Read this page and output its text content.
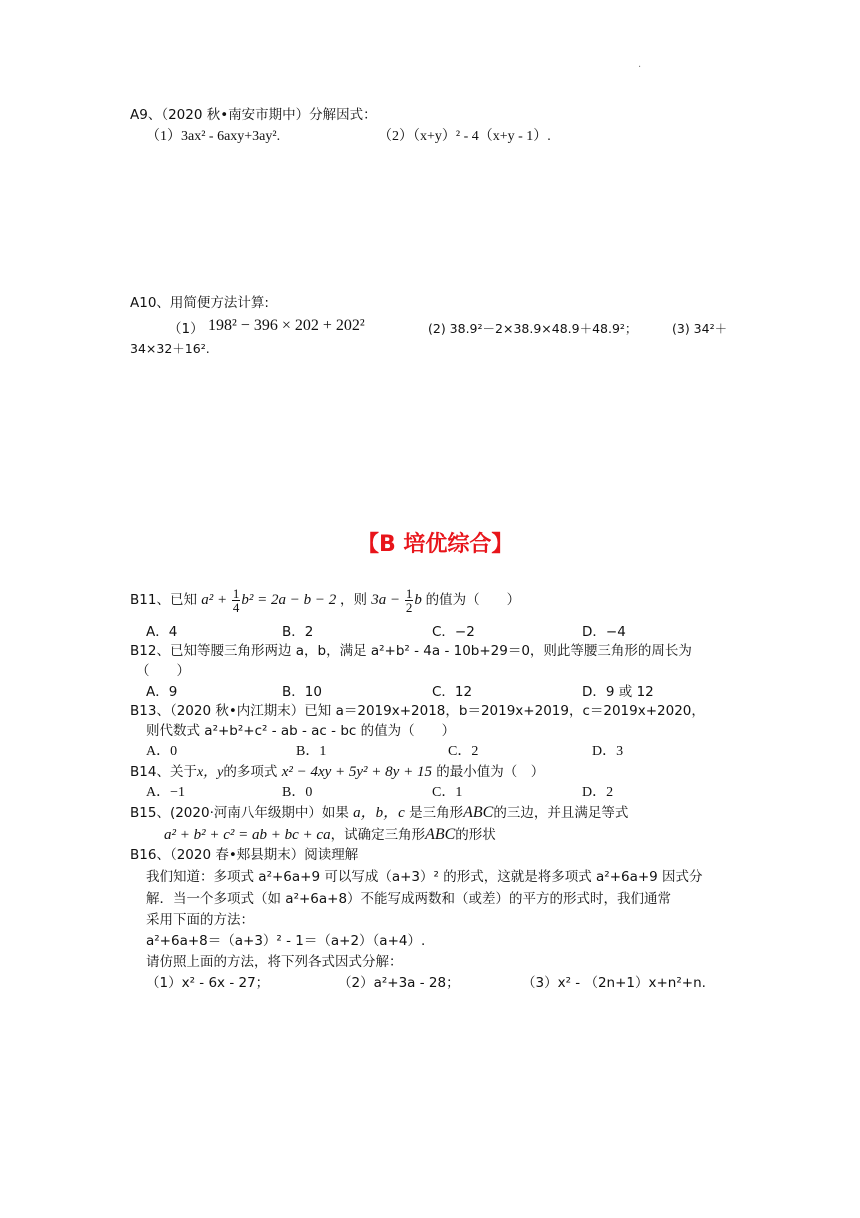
.
A9、（2020 秋•南安市期中）分解因式：
（1）3ax² - 6axy+3ay².	（2）（x+y）² - 4（x+y - 1）.
A10、用简便方法计算:
（1） 198² − 396 × 202 + 202²	(2) 38.9²－2×38.9×48.9＋48.9²；	(3) 34²＋
34×32＋16².
【B 培优综合】
B11、已知 $a^2 + \frac{1}{4} b^2 = 2a - b - 2$ ，则 $3a - \frac{1}{2}$ b 的值为（　　）
A．4	B．2	C．−2	D．−4
B12、已知等腰三角形两边 a，b，满足 a²+b² - 4a - 10b+29＝0，则此等腰三角形的周长为
（　　）
A．9	B．10	C．12	D．9 或 12
B13、（2020 秋•内江期末）已知 a＝2019x+2018，b＝2019x+2019，c＝2019x+2020，
则代数式 a²+b²+c² - ab - ac - bc 的值为（　　）
A．0	B．1	C．2	D．3
B14、关于x，y的多项式 x² − 4xy + 5y² + 8y + 15 的最小值为（　）
A．−1	B．0	C．1	D．2
B15、(2020·河南八年级期中）如果 a，b，c 是三角形ABC的三边，并且满足等式
a² + b² + c² = ab + bc + ca，试确定三角形ABC的形状
B16、（2020 春•郏县期末）阅读理解
我们知道：多项式 a²+6a+9 可以写成（a+3）² 的形式，这就是将多项式 a²+6a+9 因式分
解．当一个多项式（如 a²+6a+8）不能写成两数和（或差）的平方的形式时，我们通常
采用下面的方法：
a²+6a+8＝（a+3）² - 1＝（a+2）（a+4）.
请仿照上面的方法，将下列各式因式分解：
（1）x² - 6x - 27；	（2）a²+3a - 28；	（3）x² - （2n+1）x+n²+n.
